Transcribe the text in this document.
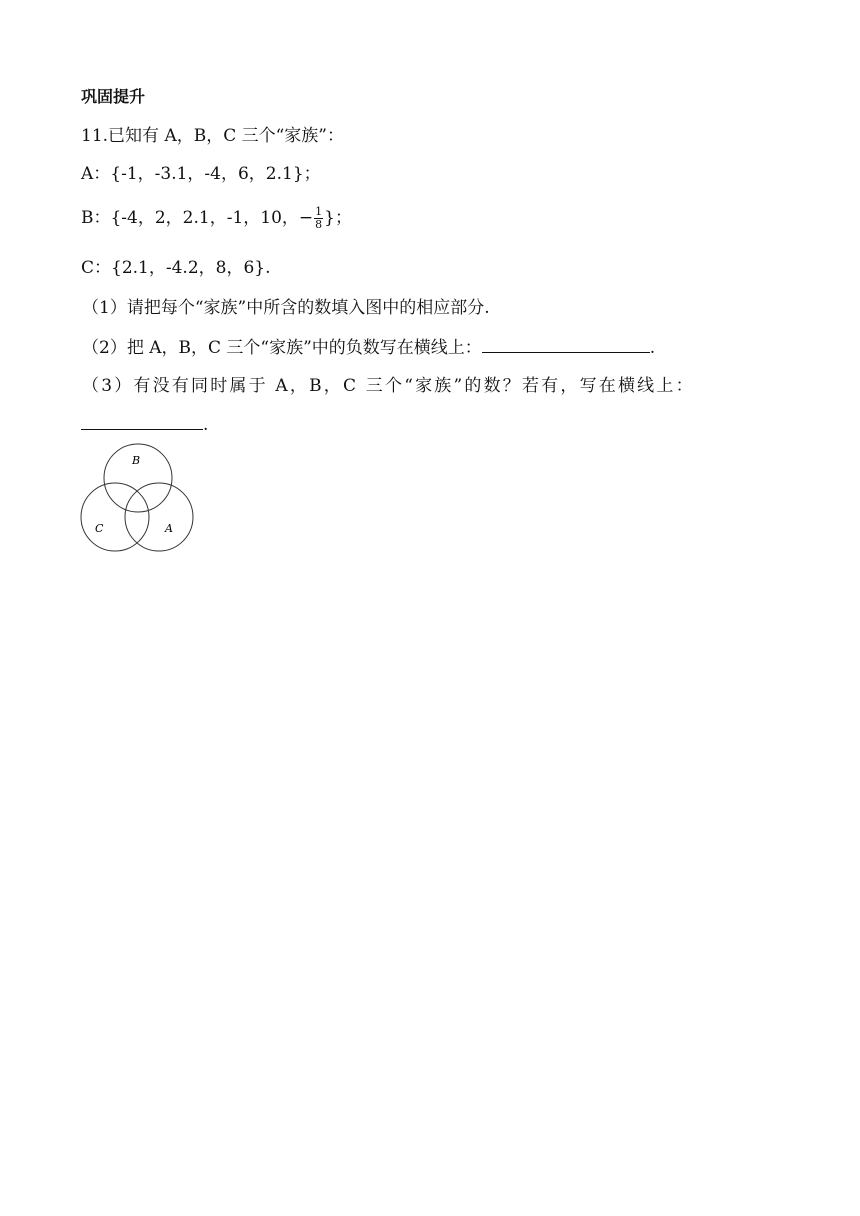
巩固提升
11.已知有 A，B，C 三个“家族”：
A：{-1，-3.1，-4，6，2.1}；
B：{-4，2，2.1，-1，10，− $\frac{1}{8}$ }；
C：{2.1，-4.2，8，6}.
（1）请把每个“家族”中所含的数填入图中的相应部分.
（2）把 A，B，C 三个“家族”中的负数写在横线上：	.
（3）有没有同时属于 A，B，C 三个“家族”的数？若有，写在横线上：
.
B
C	A
